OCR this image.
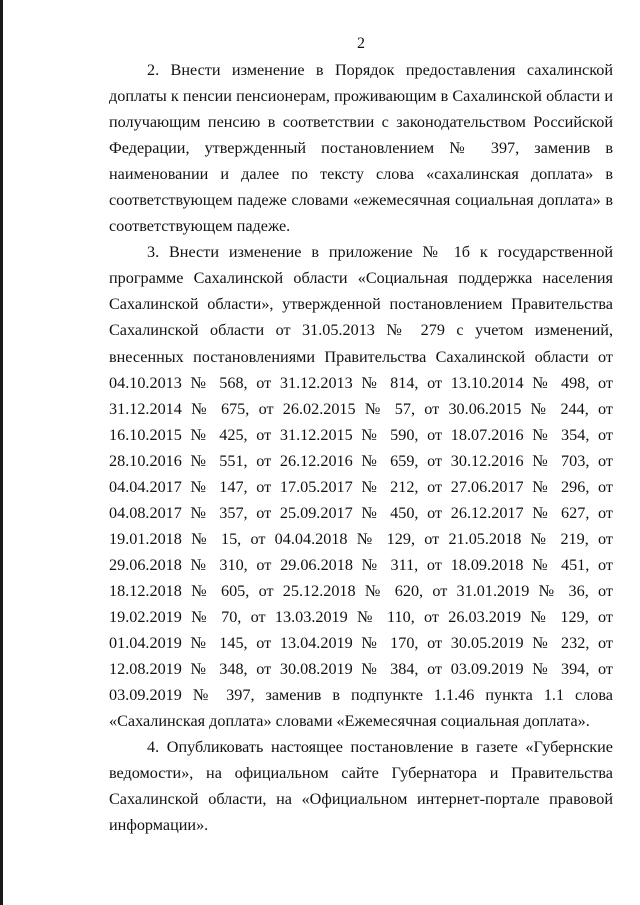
2

2. Внести изменение в Порядок предоставления сахалинской доплаты к пенсии пенсионерам, проживающим в Сахалинской области и получающим пенсию в соответствии с законодательством Российской Федерации, утвержденный постановлением № 397, заменив в наименовании и далее по тексту слова «сахалинская доплата» в соответствующем падеже словами «ежемесячная социальная доплата» в соответствующем падеже.

3. Внести изменение в приложение № 1б к государственной программе Сахалинской области «Социальная поддержка населения Сахалинской области», утвержденной постановлением Правительства Сахалинской области от 31.05.2013 № 279 с учетом изменений, внесенных постановлениями Правительства Сахалинской области от 04.10.2013 № 568, от 31.12.2013 № 814, от 13.10.2014 № 498, от 31.12.2014 № 675, от 26.02.2015 № 57, от 30.06.2015 № 244, от 16.10.2015 № 425, от 31.12.2015 № 590, от 18.07.2016 № 354, от 28.10.2016 № 551, от 26.12.2016 № 659, от 30.12.2016 № 703, от 04.04.2017 № 147, от 17.05.2017 № 212, от 27.06.2017 № 296, от 04.08.2017 № 357, от 25.09.2017 № 450, от 26.12.2017 № 627, от 19.01.2018 № 15, от 04.04.2018 № 129, от 21.05.2018 № 219, от 29.06.2018 № 310, от 29.06.2018 № 311, от 18.09.2018 № 451, от 18.12.2018 № 605, от 25.12.2018 № 620, от 31.01.2019 № 36, от 19.02.2019 № 70, от 13.03.2019 № 110, от 26.03.2019 № 129, от 01.04.2019 № 145, от 13.04.2019 № 170, от 30.05.2019 № 232, от 12.08.2019 № 348, от 30.08.2019 № 384, от 03.09.2019 № 394, от 03.09.2019 № 397, заменив в подпункте 1.1.46 пункта 1.1 слова «Сахалинская доплата» словами «Ежемесячная социальная доплата».

4. Опубликовать настоящее постановление в газете «Губернские ведомости», на официальном сайте Губернатора и Правительства Сахалинской области, на «Официальном интернет-портале правовой информации».
